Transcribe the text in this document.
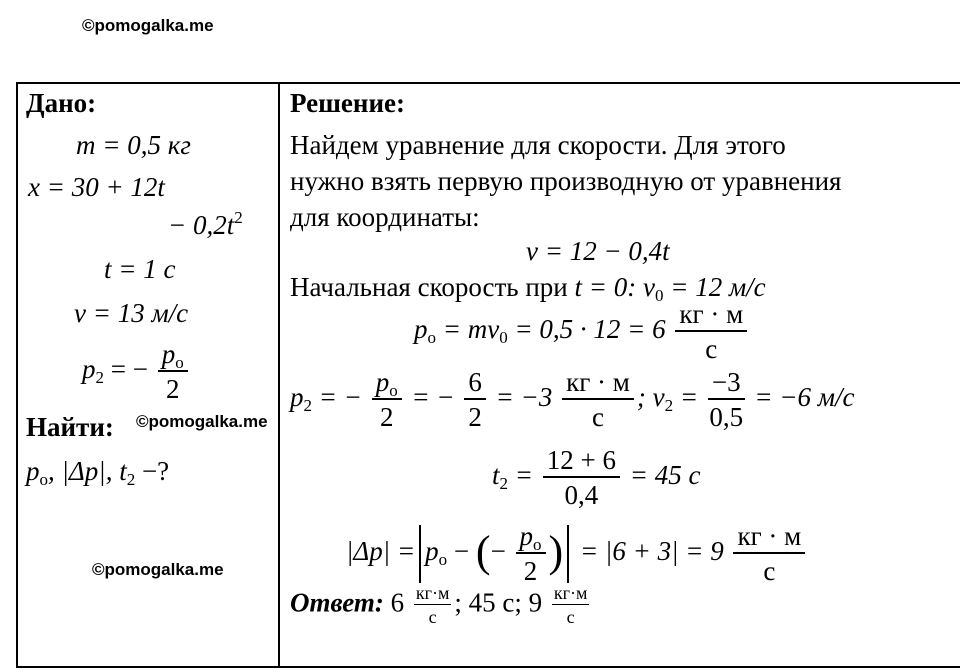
©pomogalka.me
Дано:
m = 0,5 кг
x = 30 + 12t
− $0,2t^2$
t = 1 с
v = 13 м/с
$p_2$ = − $\frac{p_o}{2}$
Найти: ©pomogalka.me
$p_o$, |Δp|, $t_2$ −?
©pomogalka.me
Решение:
Найдем уравнение для скорости. Для этого
нужно взять первую производную от уравнения
для координаты:
v = 12 − 0,4t
Начальная скорость при t = 0: $v_0 = 12$ м/с
$p_o = mv_0 = 0,5 \cdot 12 = 6 \frac{кг \cdot м}{с}$
$p_2$ = − $\frac{p_o}{2}$ = − $\frac{6}{2} = -3 \frac{кг \cdot м}{с}$ ; $v_2 = \frac{-3}{0,5} = -6$ м/с
$t_2 = \frac{12 + 6}{0,4} = 45$ с
$|\Delta p| = p_o$ − (− $\frac{p_o}{2}$ ) = $|6 + 3| = 9 \frac{кг \cdot м}{с}$
Ответ: $6 \frac{кг\cdot м}{с}$ ; 45 с; $9 \frac{кг\cdot м}{с}$
